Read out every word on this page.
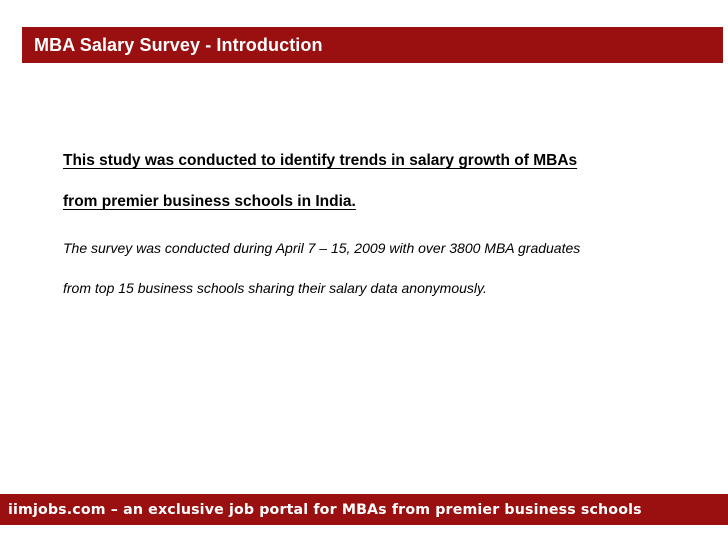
MBA Salary Survey - Introduction
This study was conducted to identify trends in salary growth of MBAs
from premier business schools in India.
The survey was conducted during April 7 – 15, 2009 with over 3800 MBA graduates
from top 15 business schools sharing their salary data anonymously.
iimjobs.com – an exclusive job portal for MBAs from premier business schools
